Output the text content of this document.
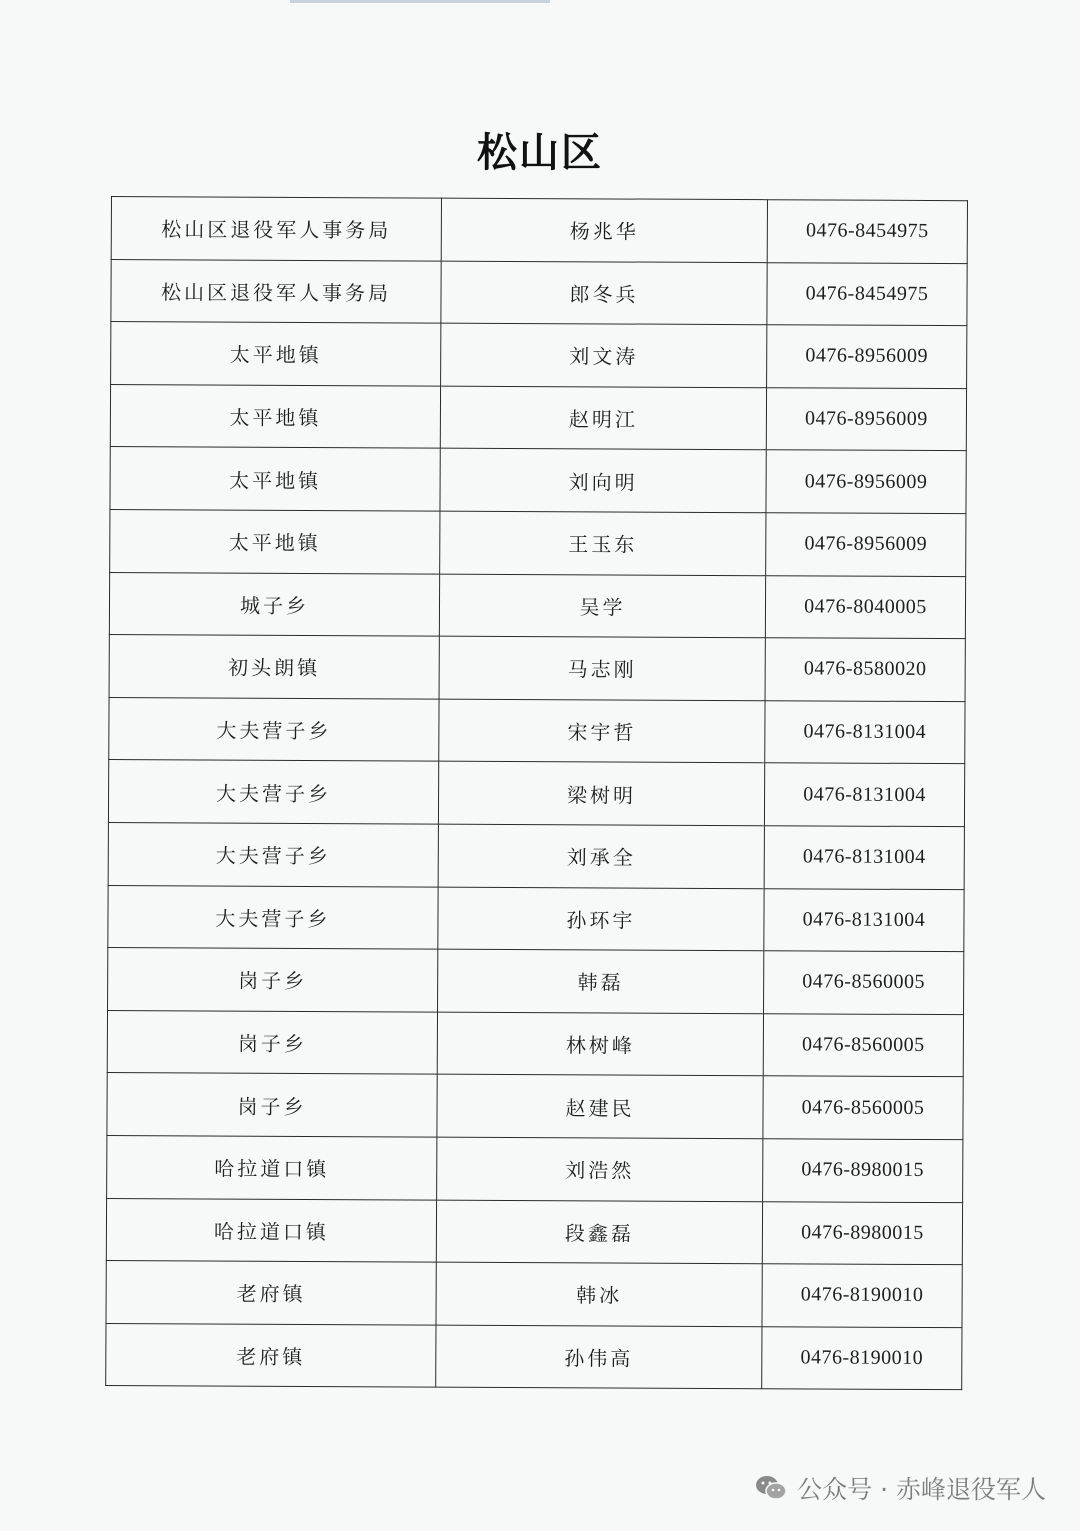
松山区
松山区退役军人事务局	杨兆华	0476-8454975
松山区退役军人事务局	郎冬兵	0476-8454975
太平地镇	刘文涛	0476-8956009
太平地镇	赵明江	0476-8956009
太平地镇	刘向明	0476-8956009
太平地镇	王玉东	0476-8956009
城子乡	吴学	0476-8040005
初头朗镇	马志刚	0476-8580020
大夫营子乡	宋宇哲	0476-8131004
大夫营子乡	梁树明	0476-8131004
大夫营子乡	刘承全	0476-8131004
大夫营子乡	孙环宇	0476-8131004
岗子乡	韩磊	0476-8560005
岗子乡	林树峰	0476-8560005
岗子乡	赵建民	0476-8560005
哈拉道口镇	刘浩然	0476-8980015
哈拉道口镇	段鑫磊	0476-8980015
老府镇	韩冰	0476-8190010
老府镇	孙伟高	0476-8190010
公众号 · 赤峰退役军人
